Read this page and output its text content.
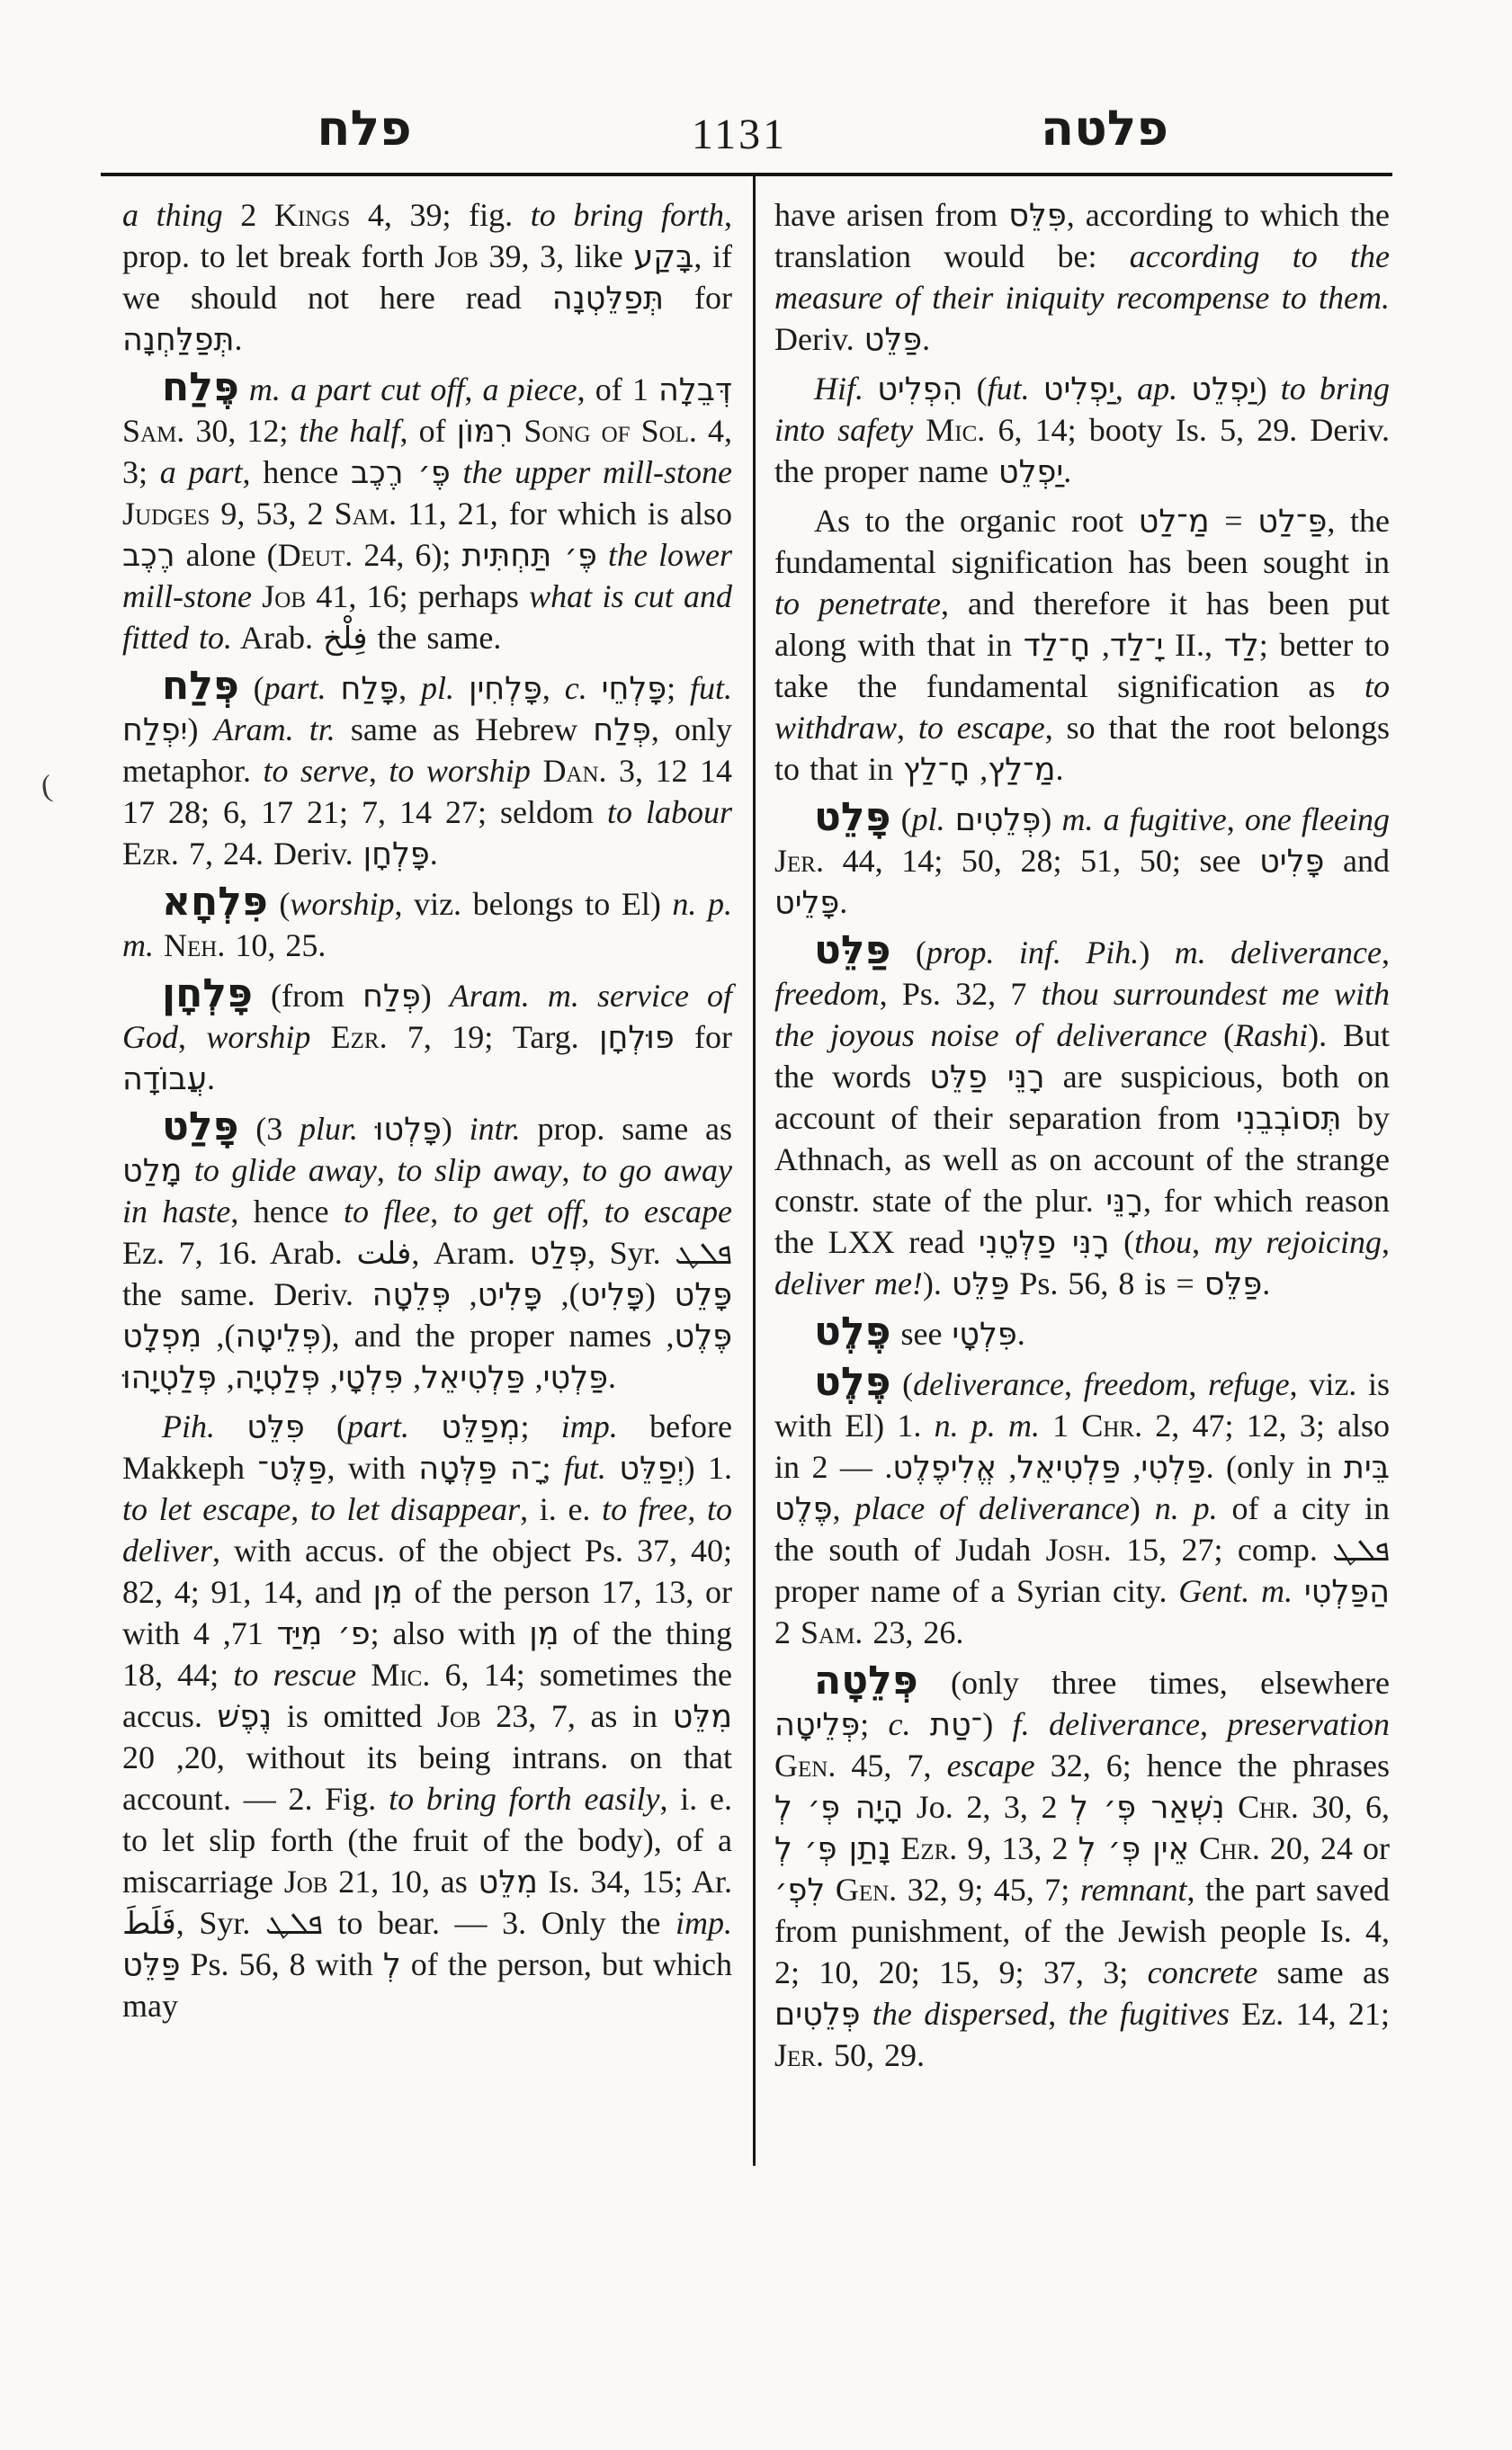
פלח	1131	פלטה
(

a thing 2 Kings 4, 39; fig. to bring forth, prop. to let break forth Job 39, 3, like בָּקַע, if we should not here read תְּפַלֵּטְנָה for תְּפַלַּחְנָה.

פֶּלַח m. a part cut off, a piece, of דְּבֵלָה 1 Sam. 30, 12; the half, of רִמּוֹן Song of Sol. 4, 3; a part, hence פֶּ׳ רֶכֶב the upper mill-stone Judges 9, 53, 2 Sam. 11, 21, for which is also רֶכֶב alone (Deut. 24, 6); פֶּ׳ תַּחְתִּית the lower mill-stone Job 41, 16; perhaps what is cut and fitted to. Arab. فِلْخ the same.

פְּלַח (part. פָּלַח, pl. פָּלְחִין, c. פָּלְחֵי; fut. יִפְלַח) Aram. tr. same as Hebrew פְּלַח, only metaphor. to serve, to worship Dan. 3, 12 14 17 28; 6, 17 21; 7, 14 27; seldom to labour Ezr. 7, 24. Deriv. פָּלְחָן.

פִּלְחָא (worship, viz. belongs to El) n. p. m. Neh. 10, 25.

פָּלְחָן (from פְּלַח) Aram. m. service of God, worship Ezr. 7, 19; Targ. פּוּלְחָן for עֲבוֹדָה.

פָּלַט (3 plur. פָּלְטוּ) intr. prop. same as מָלַט to glide away, to slip away, to go away in haste, hence to flee, to get off, to escape Ez. 7, 16. Arab. فلت, Aram. פְּלַט, Syr. ܦܠܛ the same. Deriv.	פָּלֵט (פָּלִיט), פָּלִיט, פְּלֵטָה (פְּלֵיטָה), מִפְלָט	, and the proper names פֶּלֶט, פַּלְטִי, פַּלְטִיאֵל, פִּלְטָי, פְּלַטְיָה, פְּלַטְיָהוּ	.

Pih. פִּלֵּט (part. מְפַלֵּט; imp. before Makkeph פַּלֶּט־, with	־ָה פַּלְּטָה ; fut. יְפַלֵּט) 1. to let escape, to let disappear, i. e. to free, to deliver, with accus. of the object Ps. 37, 40; 82, 4; 91, 14, and מִן of the person 17, 13, or with	פ׳ מִיַּד 71, 4; also with מִן of the thing 18, 44; to rescue Mic. 6, 14; sometimes the accus. נֶפֶשׁ is omitted Job 23, 7, as in מִלֵּט 20, 20, without its being intrans. on that account. — 2. Fig. to bring forth easily, i. e. to let slip forth (the fruit of the body), of a miscarriage Job 21, 10, as מִלֵּט Is. 34, 15; Ar. فَلَطَ, Syr. ܦܠܛ to bear. — 3. Only the imp. פַּלֵּט Ps. 56, 8 with לְ of the person, but which may

have arisen from פִּלֵּס, according to which the translation would be: according to the measure of their iniquity recompense to them. Deriv. פַּלֵּט.

Hif. הִפְלִיט (fut. יַפְלִיט, ap. יַפְלֵט) to bring into safety Mic. 6, 14; booty Is. 5, 29. Deriv. the proper name יַפְלֵט.

As to the organic root	פַּ־לַט = מַ־לַט	, the fundamental signification has been sought in to penetrate, and therefore it has been put along with that in	יָ־לַד, חָ־לַד II., לַד; better to take the fundamental signification as to withdraw, to escape, so that the root belongs to that in	מַ־לַץ, חָ־לַץ	.

פָּלֵט (pl. פְּלֵטִים) m. a fugitive, one fleeing Jer. 44, 14; 50, 28; 51, 50; see פָּלִיט and פָּלֵיט.

פַּלֵּט (prop. inf. Pih.) m. deliverance, freedom, Ps. 32, 7 thou surroundest me with the joyous noise of deliverance (Rashi). But the words רָנֵּי פַלֵּט are suspicious, both on account of their separation from תְּסוֹבְבֵנִי by Athnach, as well as on account of the strange constr. state of the plur. רָנֵּי, for which reason the LXX read רָנִּי פַלְּטֵנִי (thou, my rejoicing, deliver me!). פַּלֵּט Ps. 56, 8 is = פַּלֵּס.

פֶּלֶט see פִּלְטָי.

פֶּלֶט (deliverance, freedom, refuge, viz. is with El) 1. n. p. m. 1 Chr. 2, 47; 12, 3; also in	פַּלְטִי, פַּלְטִיאֵל, אֱלִיפֶלֶט. — 2. (only in בֵּית פֶּלֶט, place of deliverance) n. p. of a city in the south of Judah Josh. 15, 27; comp. ܦܠܛ proper name of a Syrian city. Gent. m. הַפַּלְטִי 2 Sam. 23, 26.

פְּלֵטָה (only three times, elsewhere פְּלֵיטָה; c. ־טַת) f. deliverance, preservation Gen. 45, 7, escape 32, 6; hence the phrases הָיָה פְּ׳ לְ Jo. 2, 3, נִשְׁאַר פְּ׳ לְ 2 Chr. 30, 6, נָתַן פְּ׳ לְ Ezr. 9, 13, אֵין פְּ׳ לְ 2 Chr. 20, 24 or לִפְ׳ Gen. 32, 9; 45, 7; remnant, the part saved from punishment, of the Jewish people Is. 4, 2; 10, 20; 15, 9; 37, 3; concrete same as פְּלֵטִים the dispersed, the fugitives Ez. 14, 21; Jer. 50, 29.
